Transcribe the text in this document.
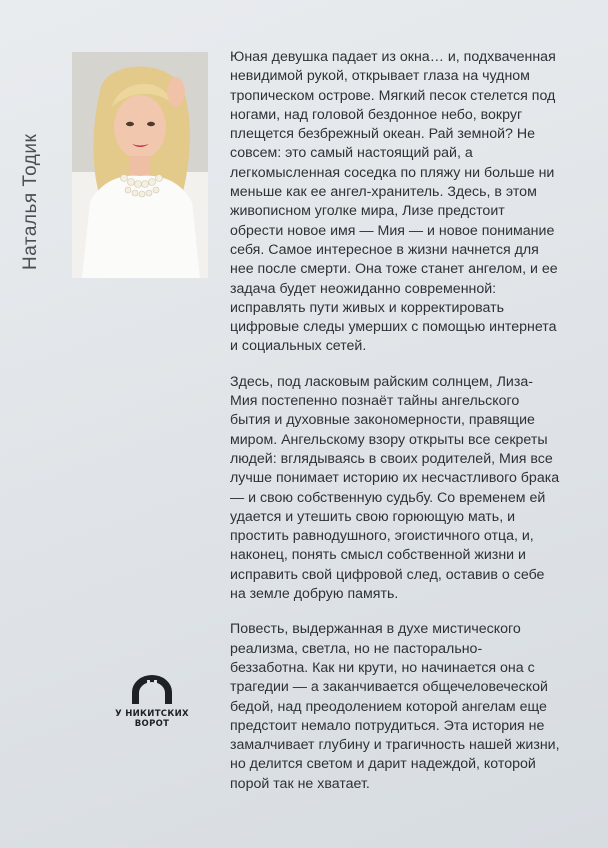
Наталья Тодик

Юная девушка падает из окна… и, подхваченная невидимой рукой, открывает глаза на чудном тропическом острове. Мягкий песок стелется под ногами, над головой бездонное небо, вокруг плещется безбрежный океан. Рай земной? Не совсем: это самый настоящий рай, а легкомысленная соседка по пляжу ни больше ни меньше как ее ангел-хранитель. Здесь, в этом живописном уголке мира, Лизе предстоит обрести новое имя — Мия — и новое понимание себя. Самое интересное в жизни начнется для нее после смерти. Она тоже станет ангелом, и ее задача будет неожиданно современной: исправлять пути живых и корректировать цифровые следы умерших с помощью интернета и социальных сетей.

Здесь, под ласковым райским солнцем, Лиза-Мия постепенно познаёт тайны ангельского бытия и духовные закономерности, правящие миром. Ангельскому взору открыты все секреты людей: вглядываясь в своих родителей, Мия все лучше понимает историю их несчастливого брака — и свою собственную судьбу. Со временем ей удается и утешить свою горюющую мать, и простить равнодушного, эгоистичного отца, и, наконец, понять смысл собственной жизни и исправить свой цифровой след, оставив о себе на земле добрую память.

Повесть, выдержанная в духе мистического реализма, светла, но не пасторально-беззаботна. Как ни крути, но начинается она с трагедии — а заканчивается общечеловеческой бедой, над преодолением которой ангелам еще предстоит немало потрудиться. Эта история не замалчивает глубину и трагичность нашей жизни, но делится светом и дарит надеждой, которой порой так не хватает.

У НИКИТСКИХ
ВОРОТ
